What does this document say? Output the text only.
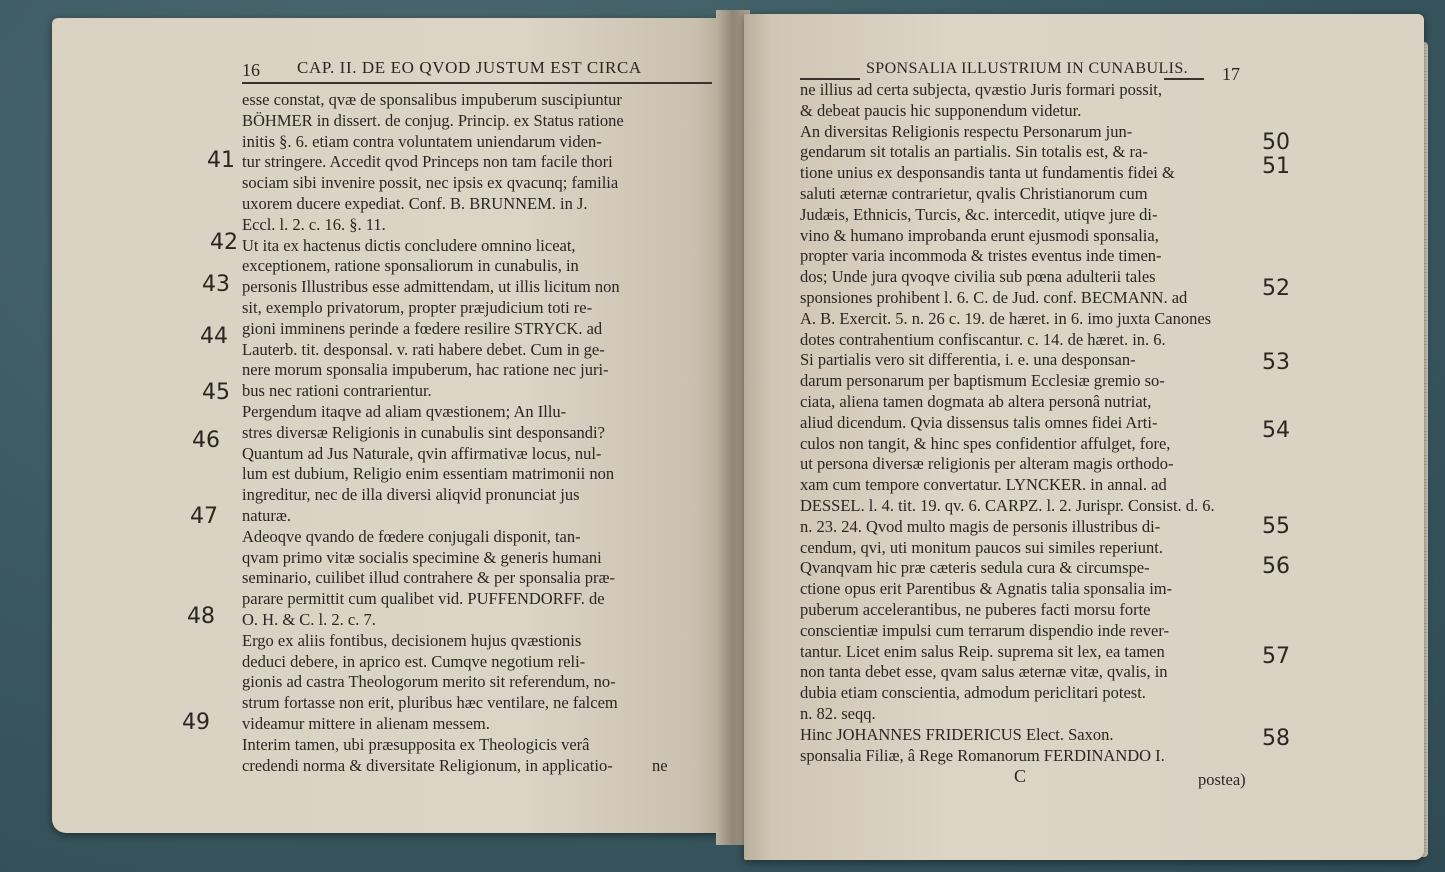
16 CAP. II. DE EO QVOD JUSTUM EST CIRCA
esse constat, qvæ de sponsalibus impuberum suscipiuntur
BÖHMER in dissert. de conjug. Princip. ex Status ratione
initis §. 6. etiam contra voluntatem uniendarum viden-
tur stringere. Accedit qvod Princeps non tam facile thori
sociam sibi invenire possit, nec ipsis ex qvacunq; familia
uxorem ducere expediat. Conf. B. BRUNNEM. in J.
Eccl. l. 2. c. 16. §. 11.
Ut ita ex hactenus dictis concludere omnino liceat,
exceptionem, ratione sponsaliorum in cunabulis, in
personis Illustribus esse admittendam, ut illis licitum non
sit, exemplo privatorum, propter præjudicium toti re-
gioni imminens perinde a fœdere resilire STRYCK. ad
Lauterb. tit. desponsal. v. rati habere debet. Cum in ge-
nere morum sponsalia impuberum, hac ratione nec juri-
bus nec rationi contrarientur.
Pergendum itaqve ad aliam qvæstionem; An Illu-
stres diversæ Religionis in cunabulis sint desponsandi?
Quantum ad Jus Naturale, qvin affirmativæ locus, nul-
lum est dubium, Religio enim essentiam matrimonii non
ingreditur, nec de illa diversi aliqvid pronunciat jus
naturæ.
Adeoqve qvando de fœdere conjugali disponit, tan-
qvam primo vitæ socialis specimine & generis humani
seminario, cuilibet illud contrahere & per sponsalia præ-
parare permittit cum qualibet vid. PUFFENDORFF. de
O. H. & C. l. 2. c. 7.
Ergo ex aliis fontibus, decisionem hujus qvæstionis
deduci debere, in aprico est. Cumqve negotium reli-
gionis ad castra Theologorum merito sit referendum, no-
strum fortasse non erit, pluribus hæc ventilare, ne falcem
videamur mittere in alienam messem.
Interim tamen, ubi præsupposita ex Theologicis verâ
credendi norma & diversitate Religionum, in applicatio-	ne
41
42
43
44
45
46
47
48
49
SPONSALIA ILLUSTRIUM IN CUNABULIS. 17
ne illius ad certa subjecta, qvæstio Juris formari possit,
& debeat paucis hic supponendum videtur.
An diversitas Religionis respectu Personarum jun-
gendarum sit totalis an partialis. Sin totalis est, & ra-
tione unius ex desponsandis tanta ut fundamentis fidei &
saluti æternæ contrarietur, qvalis Christianorum cum
Judæis, Ethnicis, Turcis, &c. intercedit, utiqve jure di-
vino & humano improbanda erunt ejusmodi sponsalia,
propter varia incommoda & tristes eventus inde timen-
dos; Unde jura qvoqve civilia sub pœna adulterii tales
sponsiones prohibent l. 6. C. de Jud. conf. BECMANN. ad
A. B. Exercit. 5. n. 26 c. 19. de hæret. in 6. imo juxta Canones
dotes contrahentium confiscantur. c. 14. de hæret. in. 6.
Si partialis vero sit differentia, i. e. una desponsan-
darum personarum per baptismum Ecclesiæ gremio so-
ciata, aliena tamen dogmata ab altera personâ nutriat,
aliud dicendum. Qvia dissensus talis omnes fidei Arti-
culos non tangit, & hinc spes confidentior affulget, fore,
ut persona diversæ religionis per alteram magis orthodo-
xam cum tempore convertatur. LYNCKER. in annal. ad
DESSEL. l. 4. tit. 19. qv. 6. CARPZ. l. 2. Jurispr. Consist. d. 6.
n. 23. 24. Qvod multo magis de personis illustribus di-
cendum, qvi, uti monitum paucos sui similes reperiunt.
Qvanqvam hic præ cæteris sedula cura & circumspe-
ctione opus erit Parentibus & Agnatis talia sponsalia im-
puberum accelerantibus, ne puberes facti morsu forte
conscientiæ impulsi cum terrarum dispendio inde rever-
tantur. Licet enim salus Reip. suprema sit lex, ea tamen
non tanta debet esse, qvam salus æternæ vitæ, qvalis, in
dubia etiam conscientia, admodum periclitari potest.
n. 82. seqq.
Hinc JOHANNES FRIDERICUS Elect. Saxon.
sponsalia Filiæ, â Rege Romanorum FERDINANDO I.
C	postea)
50
51
52
53
54
55
56
57
58
